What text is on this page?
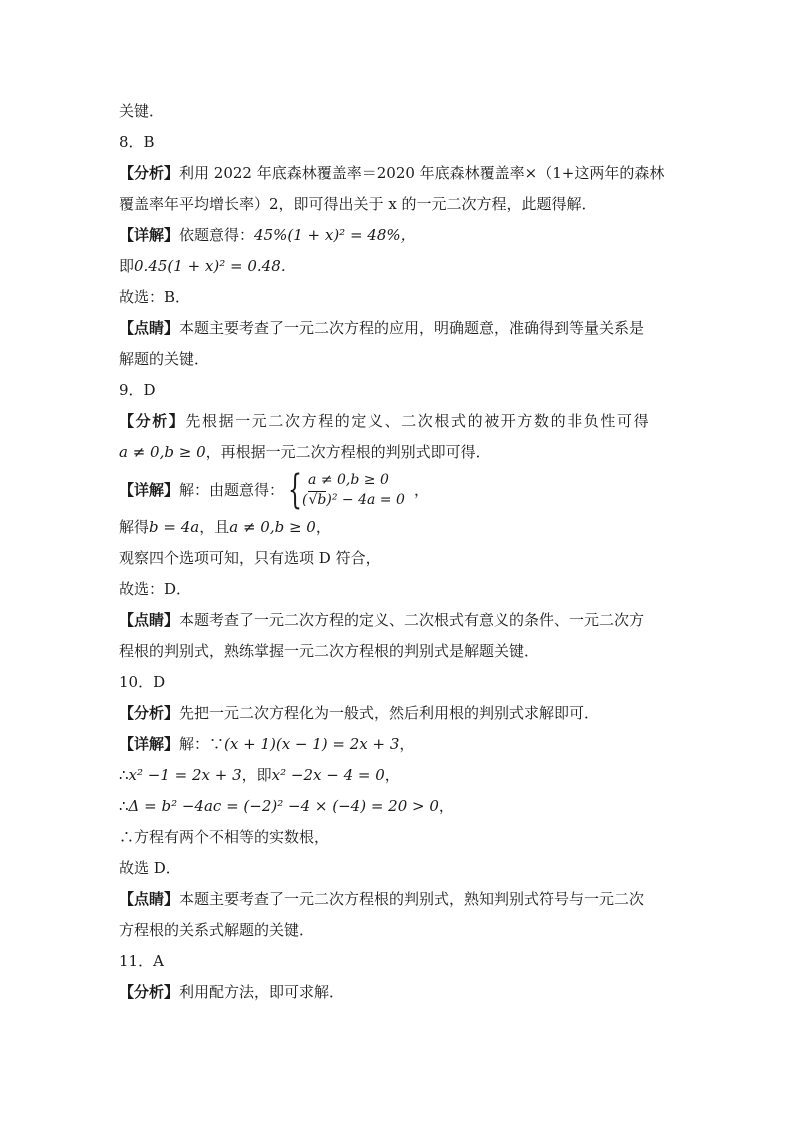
关键．
8．B
【分析】利用 2022 年底森林覆盖率＝2020 年底森林覆盖率×（1+这两年的森林
覆盖率年平均增长率）2，即可得出关于 x 的一元二次方程，此题得解．
【详解】依题意得：45%(1 + x)² = 48%，
即0.45(1 + x)² = 0.48．
故选：B．
【点睛】本题主要考查了一元二次方程的应用，明确题意，准确得到等量关系是
解题的关键．
9．D
【分析】先根据一元二次方程的定义、二次根式的被开方数的非负性可得
a ≠ 0,b ≥ 0，再根据一元二次方程根的判别式即可得．
【详解】解：由题意得： { a ≠ 0,b ≥ 0
(√b)² − 4a = 0
，
解得b = 4a，且a ≠ 0,b ≥ 0，
观察四个选项可知，只有选项 D 符合，
故选：D．
【点睛】本题考查了一元二次方程的定义、二次根式有意义的条件、一元二次方
程根的判别式，熟练掌握一元二次方程根的判别式是解题关键．
10．D
【分析】先把一元二次方程化为一般式，然后利用根的判别式求解即可．
【详解】解：∵(x + 1)(x − 1) = 2x + 3，
∴x² −1 = 2x + 3，即x² −2x − 4 = 0，
∴Δ = b² −4ac = (−2)² −4 × (−4) = 20 > 0，
∴方程有两个不相等的实数根，
故选 D．
【点睛】本题主要考查了一元二次方程根的判别式，熟知判别式符号与一元二次
方程根的关系式解题的关键．
11．A
【分析】利用配方法，即可求解．
